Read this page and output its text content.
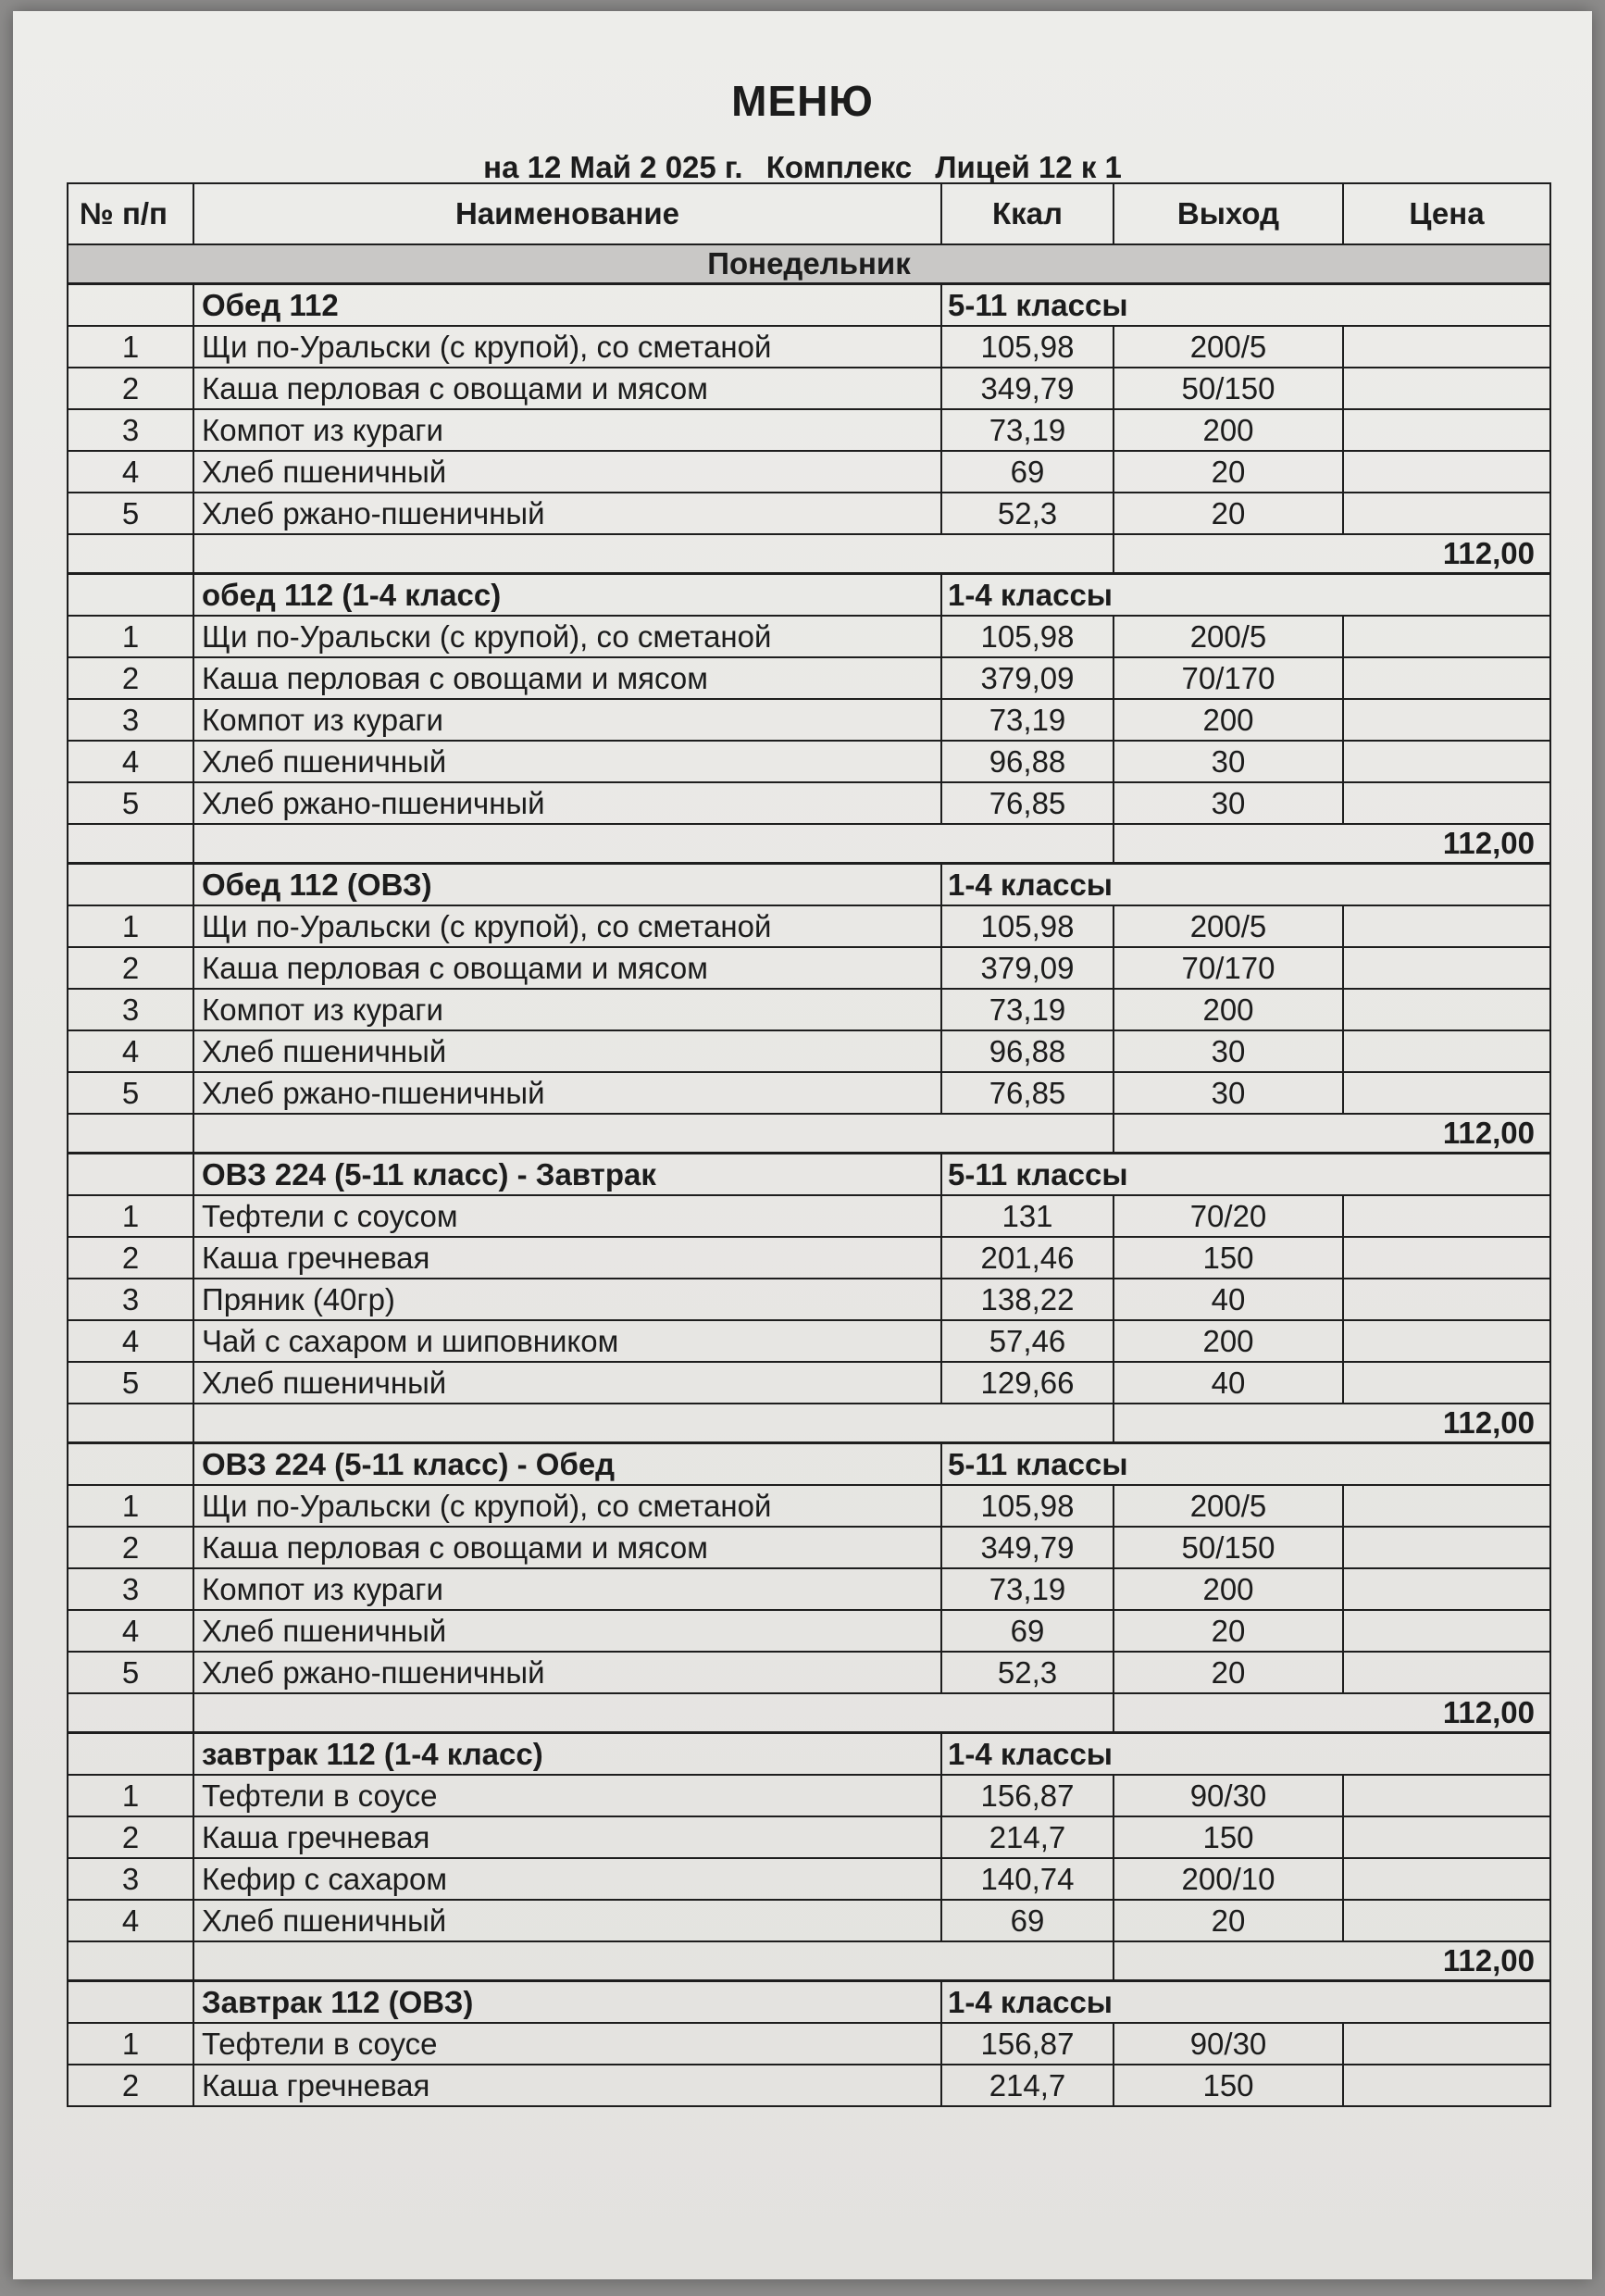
МЕНЮ
на 12 Май 2 025 г. Комплекс Лицей 12 к 1
№ п/п	Наименование	Ккал	Выход	Цена
Понедельник				
	Обед 112	5-11 классы		
1	Щи по-Уральски (с крупой), со сметаной	105,98	200/5	
2	Каша перловая с овощами и мясом	349,79	50/150	
3	Компот из кураги	73,19	200	
4	Хлеб пшеничный	69	20	
5	Хлеб ржано-пшеничный	52,3	20	
			112,00	
	обед 112 (1-4 класс)	1-4 классы		
1	Щи по-Уральски (с крупой), со сметаной	105,98	200/5	
2	Каша перловая с овощами и мясом	379,09	70/170	
3	Компот из кураги	73,19	200	
4	Хлеб пшеничный	96,88	30	
5	Хлеб ржано-пшеничный	76,85	30	
			112,00	
	Обед 112 (ОВЗ)	1-4 классы		
1	Щи по-Уральски (с крупой), со сметаной	105,98	200/5	
2	Каша перловая с овощами и мясом	379,09	70/170	
3	Компот из кураги	73,19	200	
4	Хлеб пшеничный	96,88	30	
5	Хлеб ржано-пшеничный	76,85	30	
			112,00	
	ОВЗ 224 (5-11 класс) - Завтрак	5-11 классы		
1	Тефтели с соусом	131	70/20	
2	Каша гречневая	201,46	150	
3	Пряник (40гр)	138,22	40	
4	Чай с сахаром и шиповником	57,46	200	
5	Хлеб пшеничный	129,66	40	
			112,00	
	ОВЗ 224 (5-11 класс) - Обед	5-11 классы		
1	Щи по-Уральски (с крупой), со сметаной	105,98	200/5	
2	Каша перловая с овощами и мясом	349,79	50/150	
3	Компот из кураги	73,19	200	
4	Хлеб пшеничный	69	20	
5	Хлеб ржано-пшеничный	52,3	20	
			112,00	
	завтрак 112 (1-4 класс)	1-4 классы		
1	Тефтели в соусе	156,87	90/30	
2	Каша гречневая	214,7	150	
3	Кефир с сахаром	140,74	200/10	
4	Хлеб пшеничный	69	20	
			112,00	
	Завтрак 112 (ОВЗ)	1-4 классы		
1	Тефтели в соусе	156,87	90/30	
2	Каша гречневая	214,7	150	
